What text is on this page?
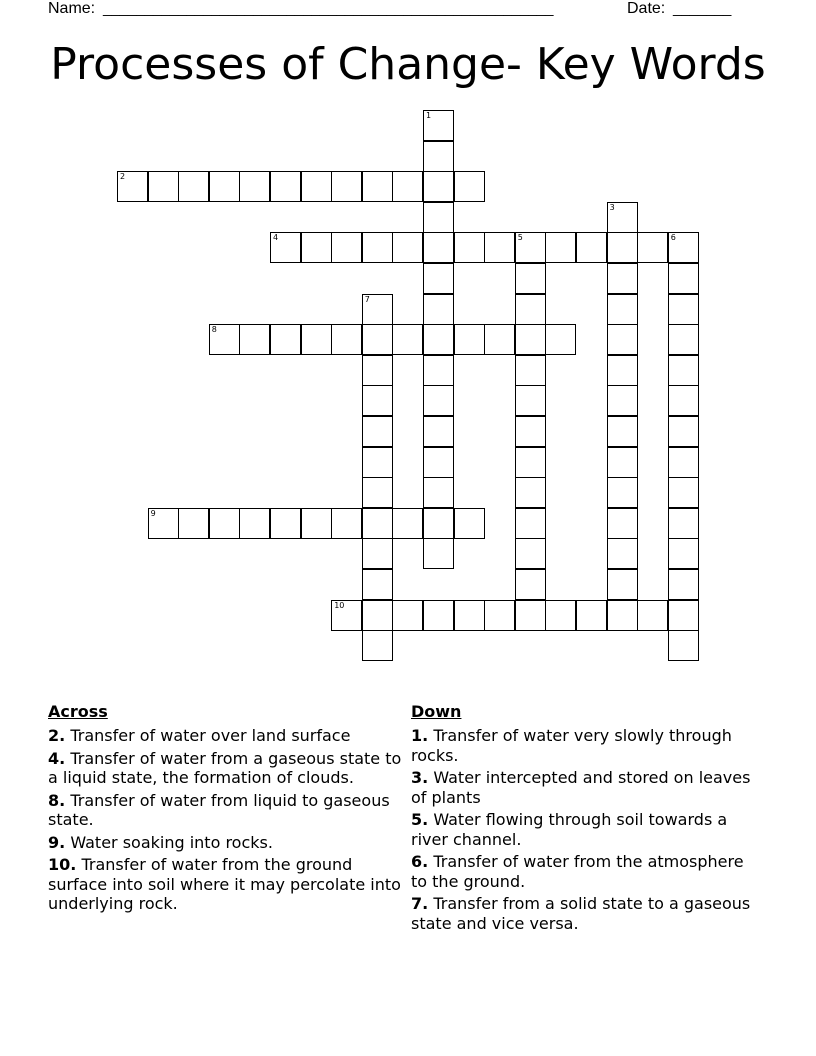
Name: ______________________________________________________	Date: _______
Processes of Change- Key Words
1
2
3
4	5	6
7
8
9
10
Across
2. Transfer of water over land surface
4. Transfer of water from a gaseous state to a liquid state, the formation of clouds.
8. Transfer of water from liquid to gaseous state.
9. Water soaking into rocks.
10. Transfer of water from the ground surface into soil where it may percolate into underlying rock.
Down
1. Transfer of water very slowly through rocks.
3. Water intercepted and stored on leaves of plants
5. Water flowing through soil towards a river channel.
6. Transfer of water from the atmosphere to the ground.
7. Transfer from a solid state to a gaseous state and vice versa.
